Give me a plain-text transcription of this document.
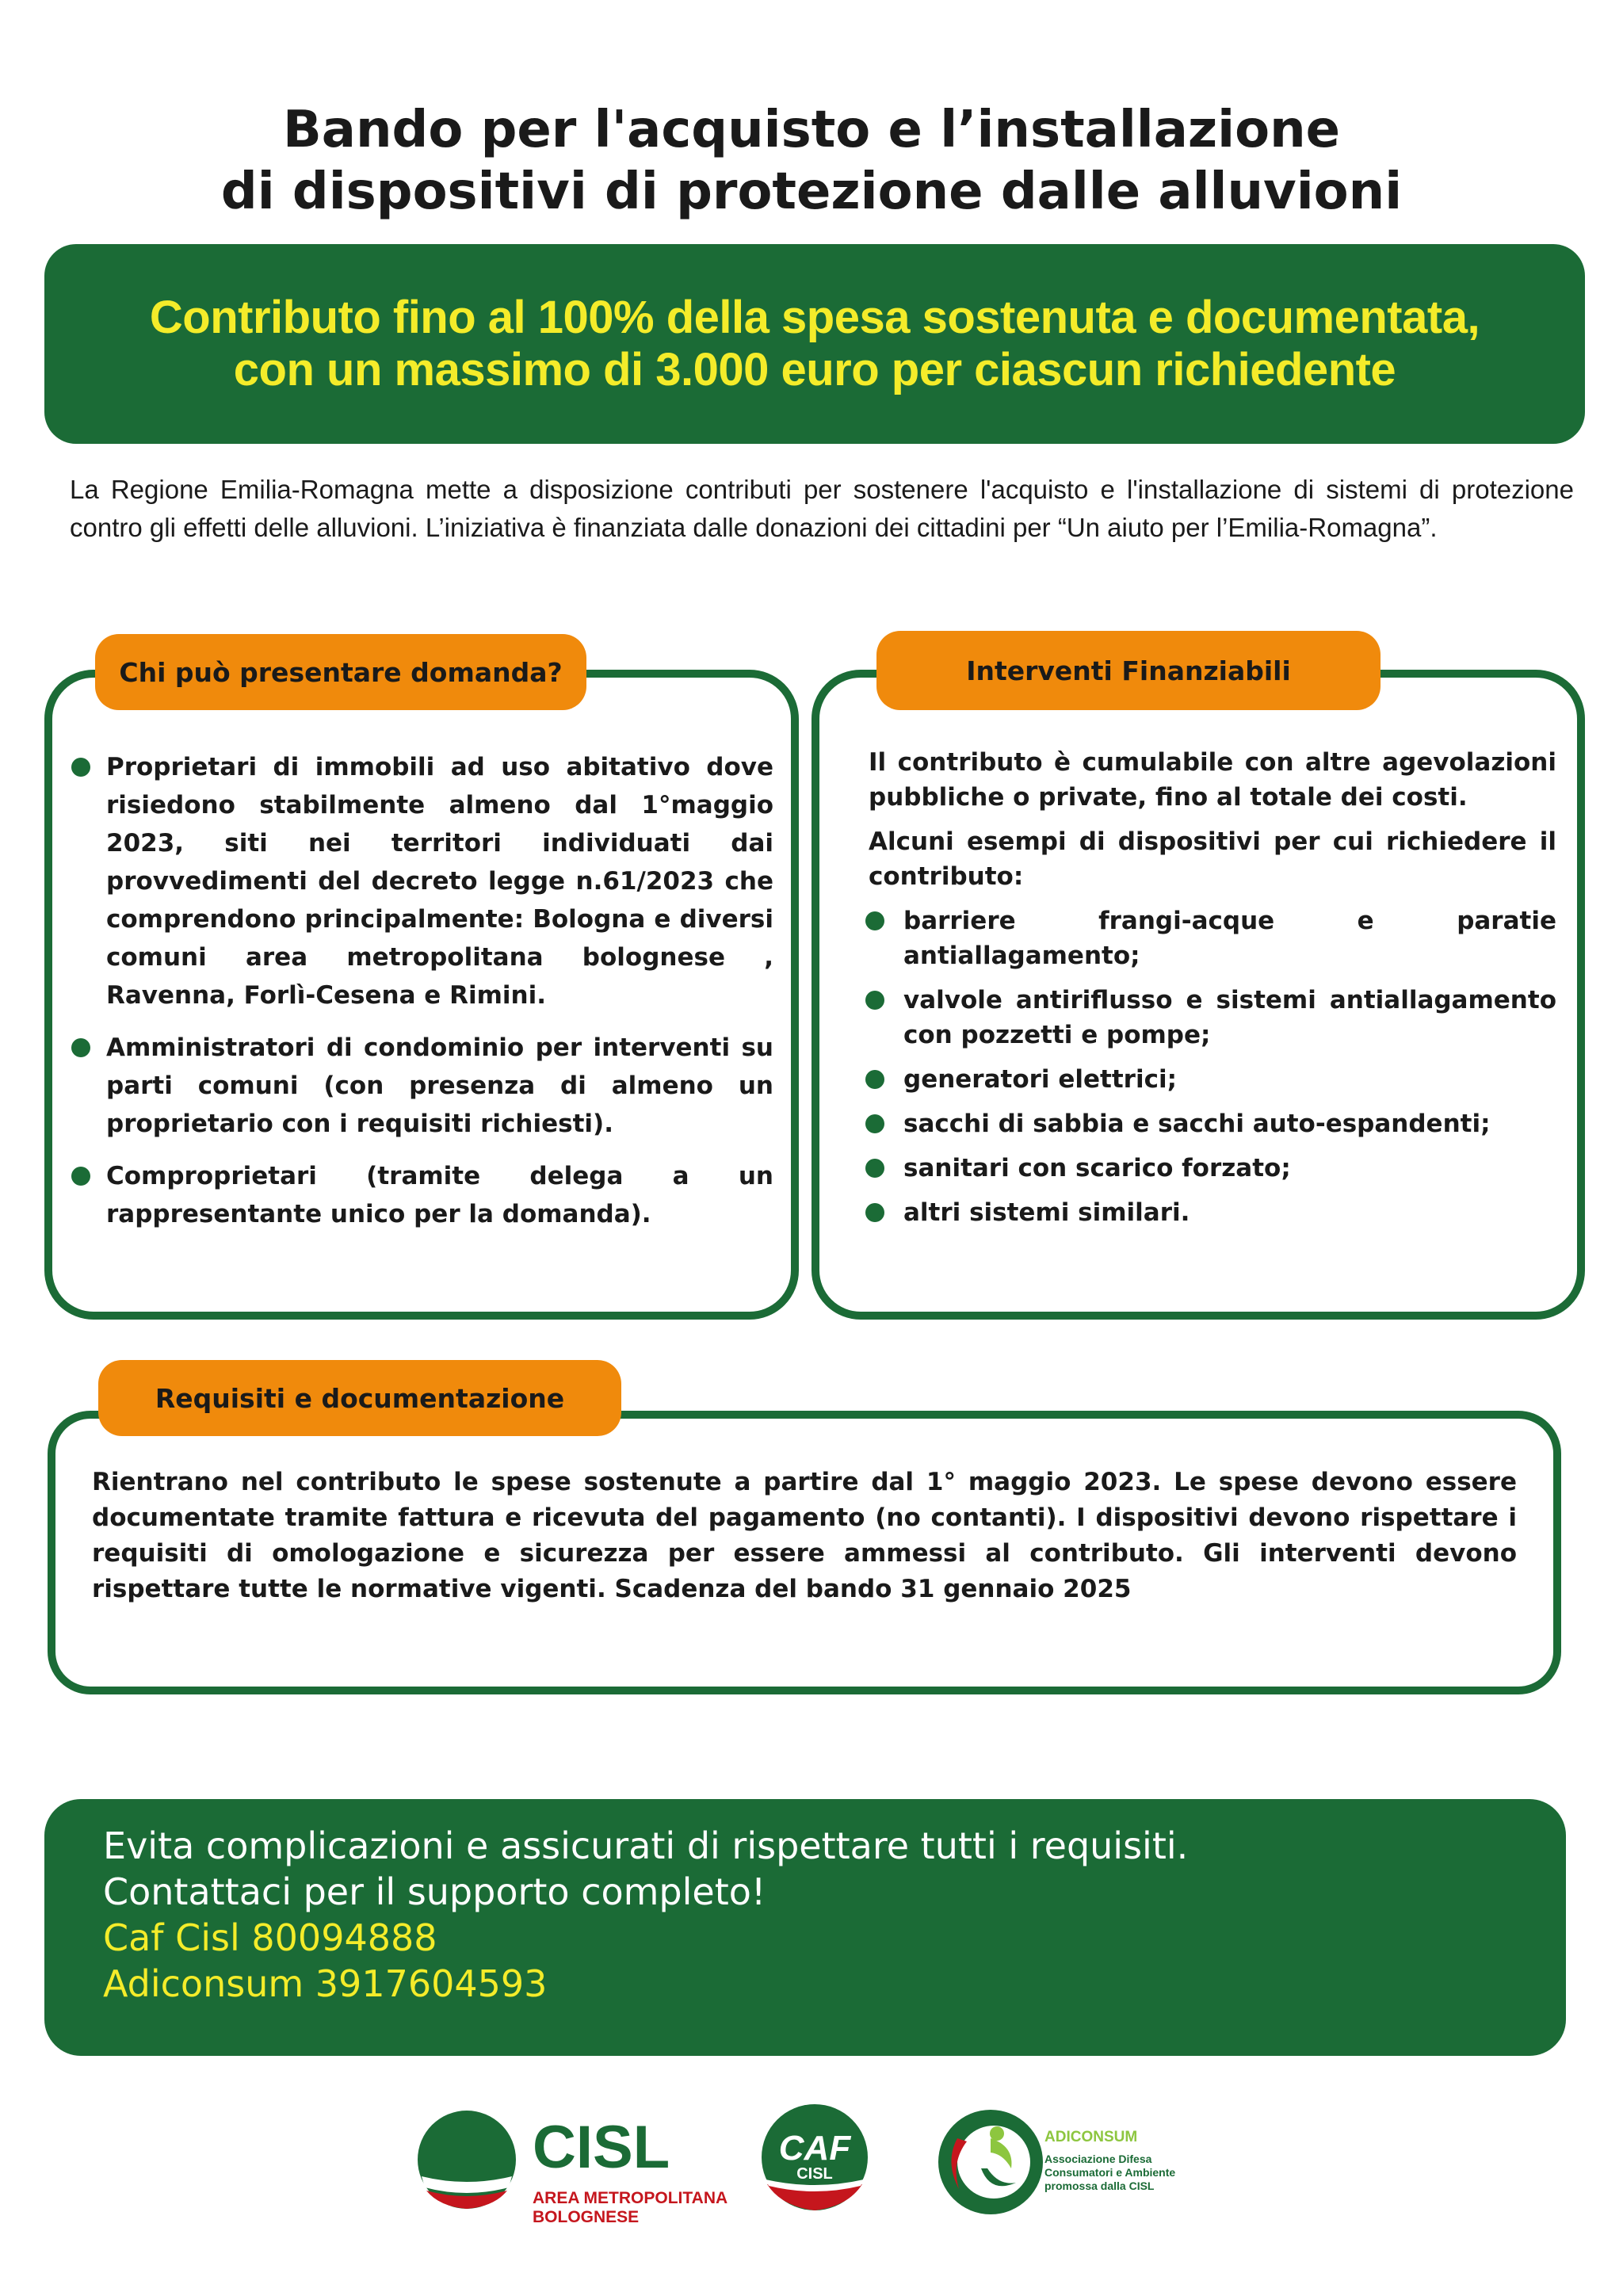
Bando per l'acquisto e l’installazione
di dispositivi di protezione dalle alluvioni
Contributo fino al 100% della spesa sostenuta e documentata,
con un massimo di 3.000 euro per ciascun richiedente
La Regione Emilia-Romagna mette a disposizione contributi per sostenere l'acquisto e l'installazione di sistemi di protezione contro gli effetti delle alluvioni. L’iniziativa è finanziata dalle donazioni dei cittadini per “Un aiuto per l’Emilia-Romagna”.
Chi può presentare domanda?
Proprietari di immobili ad uso abitativo dove risiedono stabilmente almeno dal 1°maggio 2023, siti nei territori individuati dai provvedimenti del decreto legge n.61/2023 che comprendono principalmente: Bologna e diversi comuni area metropolitana bolognese , Ravenna, Forlì-Cesena e Rimini.
Amministratori di condominio per interventi su parti comuni (con presenza di almeno un proprietario con i requisiti richiesti).
Comproprietari (tramite delega a un rappresentante unico per la domanda).
Interventi Finanziabili

Il contributo è cumulabile con altre agevolazioni pubbliche o private, fino al totale dei costi.

Alcuni esempi di dispositivi per cui richiedere il contributo:

barriere frangi-acque e paratie antiallagamento;
valvole antiriflusso e sistemi antiallagamento con pozzetti e pompe;
generatori elettrici;
sacchi di sabbia e sacchi auto-espandenti;
sanitari con scarico forzato;
altri sistemi similari.
Requisiti e documentazione

Rientrano nel contributo le spese sostenute a partire dal 1° maggio 2023. Le spese devono essere documentate tramite fattura e ricevuta del pagamento (no contanti). I dispositivi devono rispettare i requisiti di omologazione e sicurezza per essere ammessi al contributo. Gli interventi devono rispettare tutte le normative vigenti. Scadenza del bando 31 gennaio 2025

Evita complicazioni e assicurati di rispettare tutti i requisiti.
Contattaci per il supporto completo!
Caf Cisl 80094888
Adiconsum 3917604593
CISL
AREA METROPOLITANA
BOLOGNESE
CAF
CISL
ADICONSUM
Associazione Difesa
Consumatori e Ambiente
promossa dalla CISL
